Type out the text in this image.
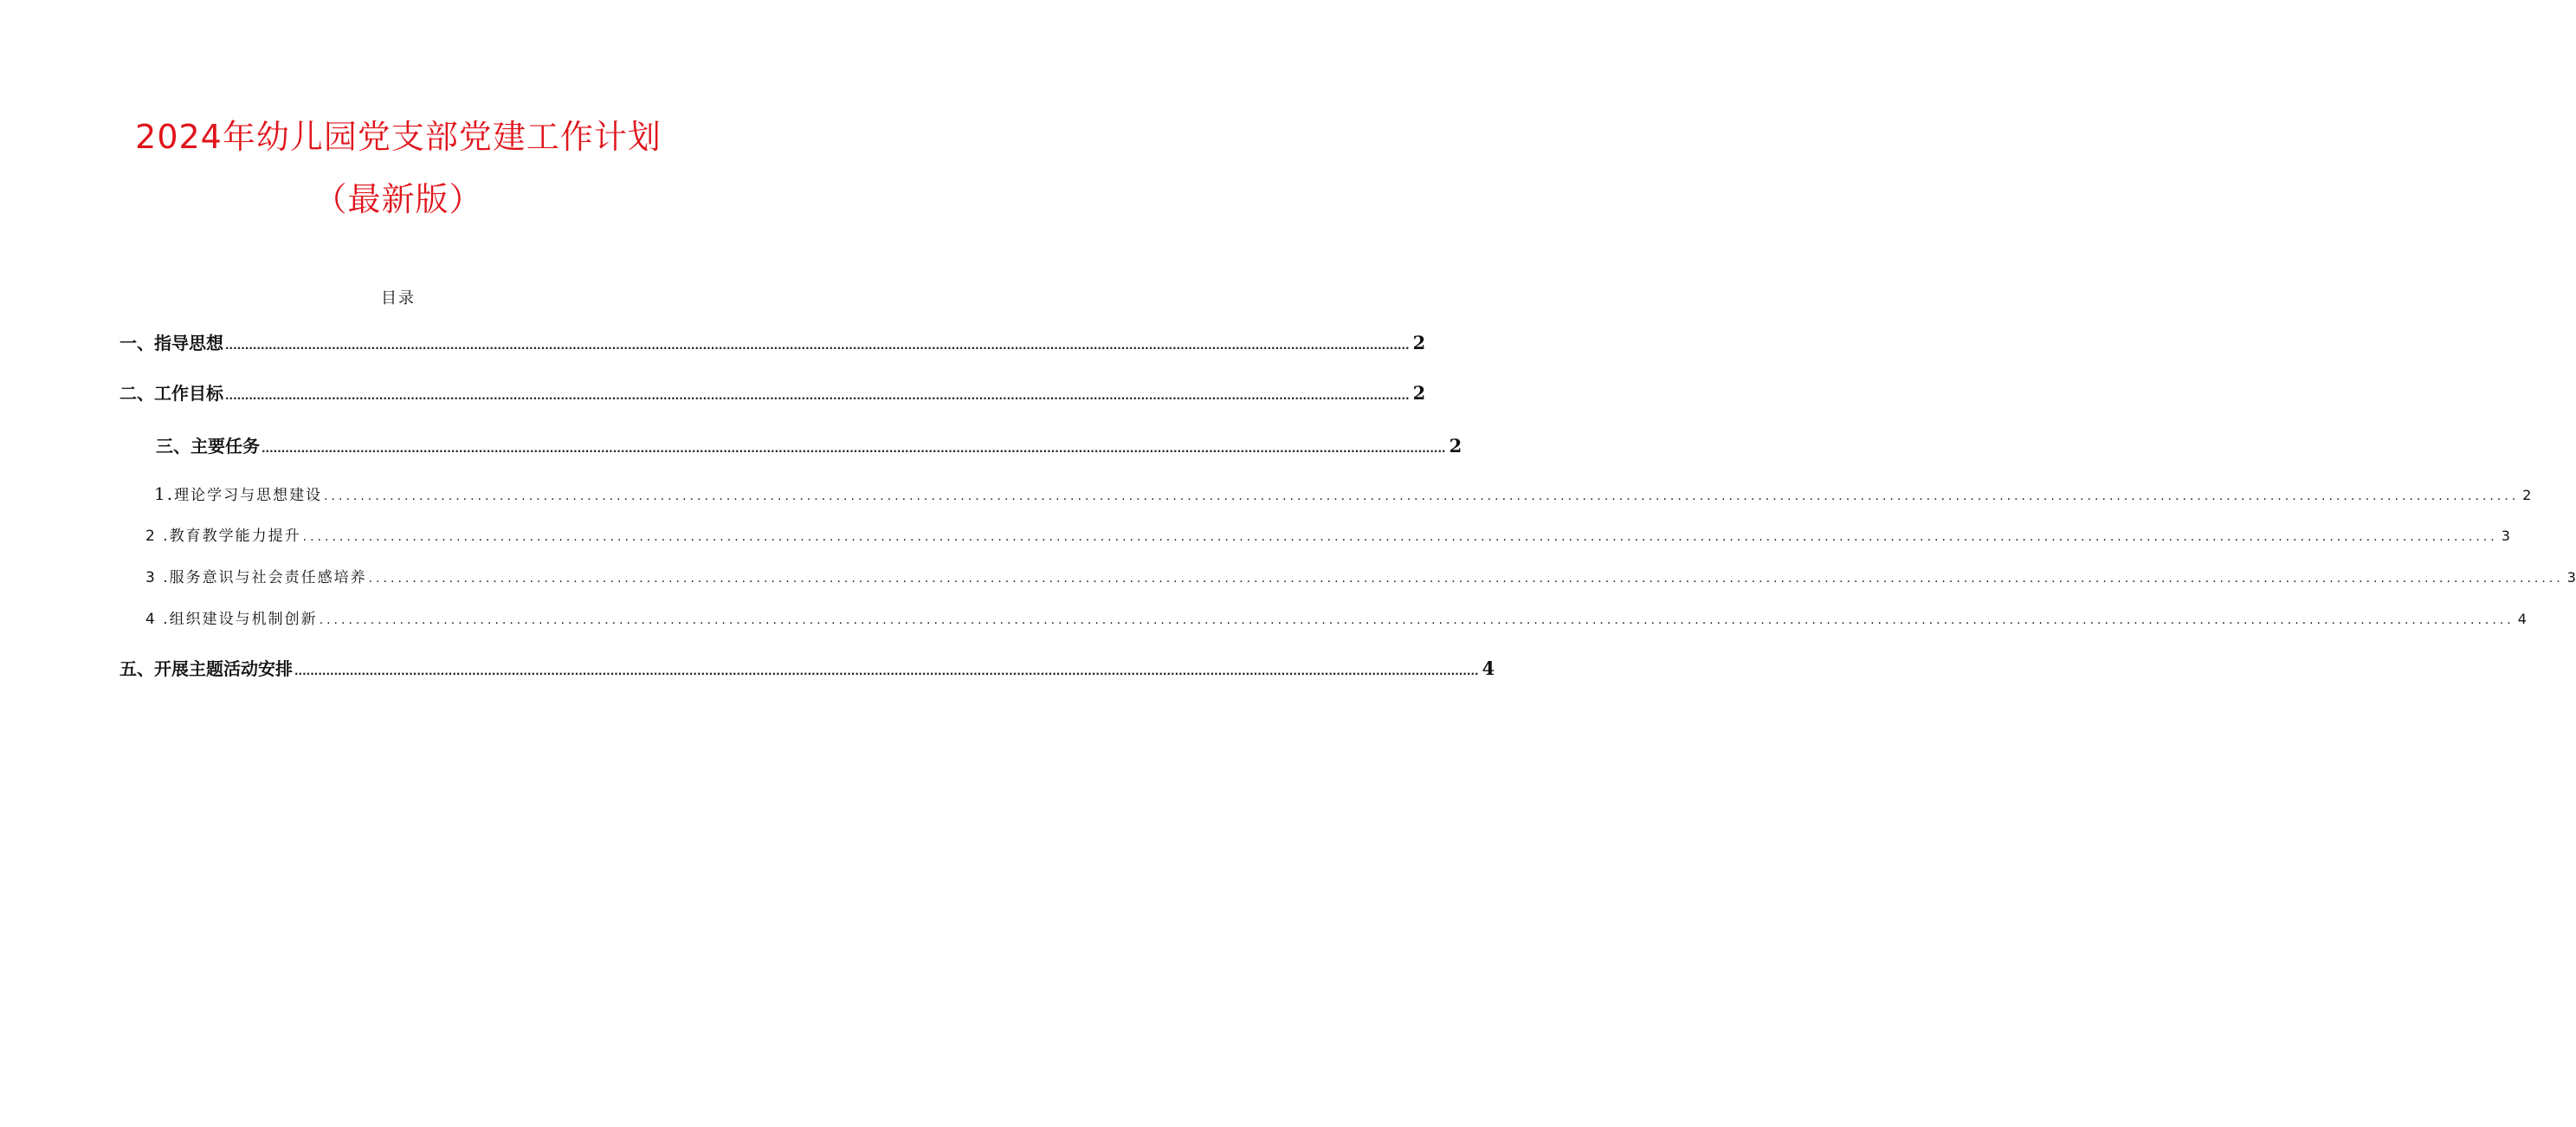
2024年幼儿园党支部党建工作计划
（最新版）
目录
一、指导思想 ............................................................................................................................................................................................................................................................................................................ 2
二、工作目标 ............................................................................................................................................................................................................................................................................................................ 2
三、主要任务 ............................................................................................................................................................................................................................................................................................................ 2
1.理论学习与思想建设 ............................................................................................................................................................................................................................................................................................................ 2
2 .教育教学能力提升 ............................................................................................................................................................................................................................................................................................................ 3
3 .服务意识与社会责任感培养 ............................................................................................................................................................................................................................................................................................................ 3
4 .组织建设与机制创新 ............................................................................................................................................................................................................................................................................................................ 4
五、开展主题活动安排 ............................................................................................................................................................................................................................................................................................................ 4
